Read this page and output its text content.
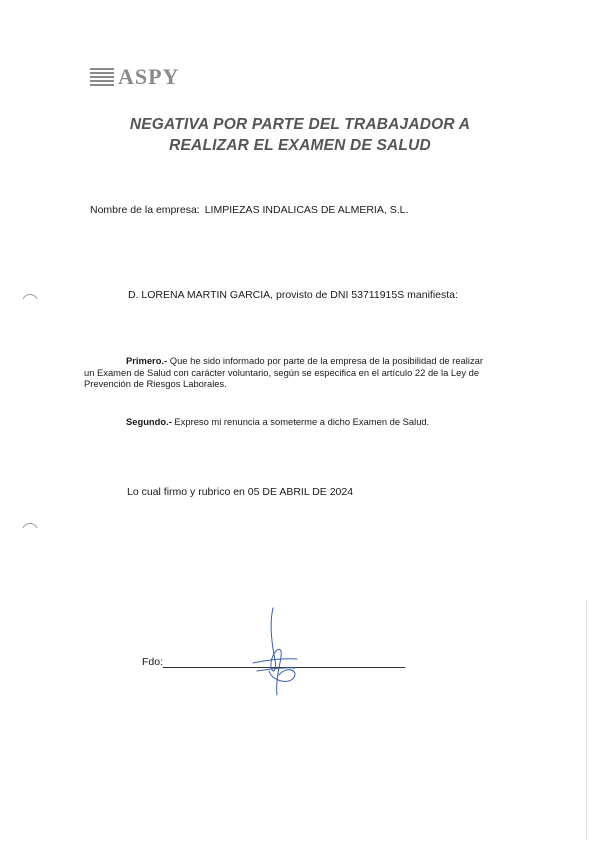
ASPY
NEGATIVA POR PARTE DEL TRABAJADOR A
REALIZAR EL EXAMEN DE SALUD
Nombre de la empresa: LIMPIEZAS INDALICAS DE ALMERIA, S.L.
D. LORENA MARTIN GARCIA, provisto de DNI 53711915S manifiesta:
Primero.- Que he sido informado por parte de la empresa de la posibilidad de realizar
un Examen de Salud con carácter voluntario, según se especifica en el artículo 22 de la Ley de Prevención de Riesgos Laborales.
Segundo.- Expreso mi renuncia a someterme a dicho Examen de Salud.
Lo cual firmo y rubrico en 05 DE ABRIL DE 2024
Fdo:
